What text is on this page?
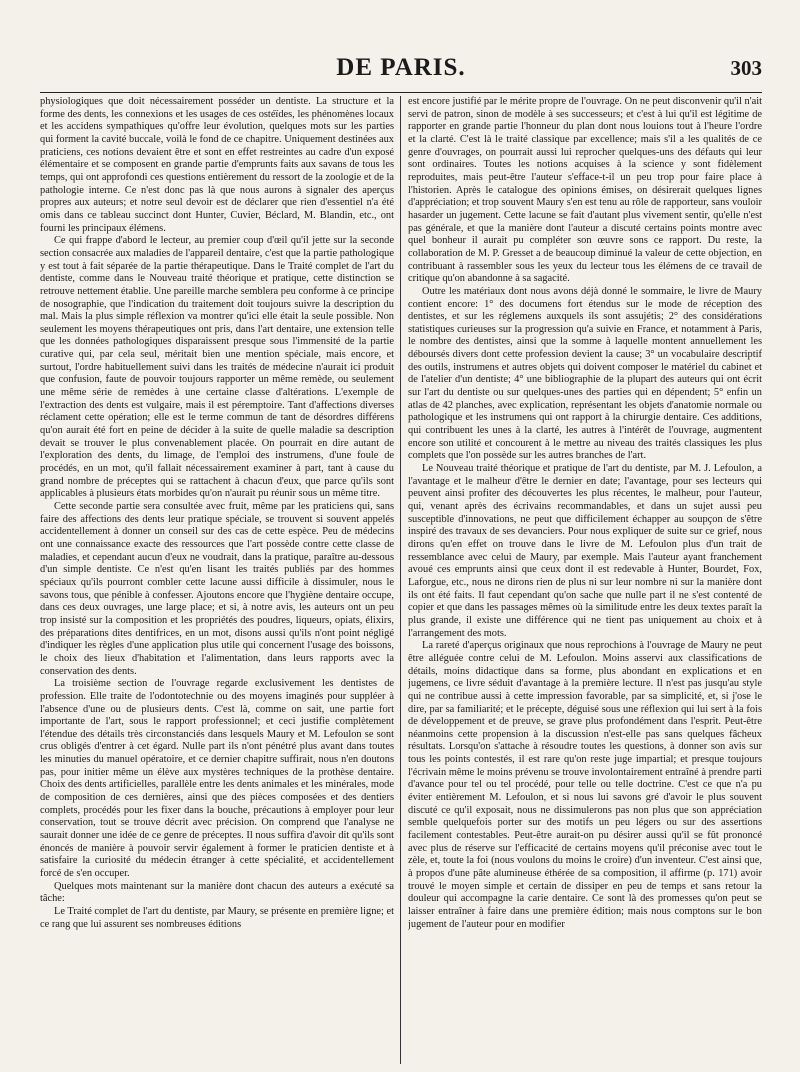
DE PARIS.	303

physiologiques que doit nécessairement posséder un dentiste. La structure et la forme des dents, les connexions et les usages de ces ostéïdes, les phénomènes locaux et les accidens sympathiques qu'offre leur évolution, quelques mots sur les parties qui forment la cavité buccale, voilà le fond de ce chapitre. Uniquement destinées aux praticiens, ces notions devaient être et sont en effet restreintes au cadre d'un exposé élémentaire et se composent en grande partie d'emprunts faits aux savans de tous les temps, qui ont approfondi ces questions entièrement du ressort de la zoologie et de la pathologie interne. Ce n'est donc pas là que nous aurons à signaler des aperçus propres aux auteurs; et notre seul devoir est de déclarer que rien d'essentiel n'a été omis dans ce tableau succinct dont Hunter, Cuvier, Béclard, M. Blandin, etc., ont fourni les principaux élémens.

Ce qui frappe d'abord le lecteur, au premier coup d'œil qu'il jette sur la seconde section consacrée aux maladies de l'appareil dentaire, c'est que la partie pathologique y est tout à fait séparée de la partie thérapeutique. Dans le Traité complet de l'art du dentiste, comme dans le Nouveau traité théorique et pratique, cette distinction se retrouve nettement établie. Une pareille marche semblera peu conforme à ce principe de nosographie, que l'indication du traitement doit toujours suivre la description du mal. Mais la plus simple réflexion va montrer qu'ici elle était la seule possible. Non seulement les moyens thérapeutiques ont pris, dans l'art dentaire, une extension telle que les données pathologiques disparaissent presque sous l'immensité de la partie curative qui, par cela seul, méritait bien une mention spéciale, mais encore, et surtout, l'ordre habituellement suivi dans les traités de médecine n'aurait ici produit que confusion, faute de pouvoir toujours rapporter un même remède, ou seulement une même série de remèdes à une certaine classe d'altérations. L'exemple de l'extraction des dents est vulgaire, mais il est péremptoire. Tant d'affections diverses réclament cette opération; elle est le terme commun de tant de désordres différens qu'on aurait été fort en peine de décider à la suite de quelle maladie sa description devait se trouver le plus convenablement placée. On pourrait en dire autant de l'exploration des dents, du limage, de l'emploi des instrumens, d'une foule de procédés, en un mot, qu'il fallait nécessairement examiner à part, tant à cause du grand nombre de préceptes qui se rattachent à chacun d'eux, que parce qu'ils sont applicables à plusieurs états morbides qu'on n'aurait pu réunir sous un même titre.

Cette seconde partie sera consultée avec fruit, même par les praticiens qui, sans faire des affections des dents leur pratique spéciale, se trouvent si souvent appelés accidentellement à donner un conseil sur des cas de cette espèce. Peu de médecins ont une connaissance exacte des ressources que l'art possède contre cette classe de maladies, et cependant aucun d'eux ne voudrait, dans la pratique, paraître au-dessous d'un simple dentiste. Ce n'est qu'en lisant les traités publiés par des hommes spéciaux qu'ils pourront combler cette lacune aussi difficile à dissimuler, nous le savons tous, que pénible à confesser. Ajoutons encore que l'hygiène dentaire occupe, dans ces deux ouvrages, une large place; et si, à notre avis, les auteurs ont un peu trop insisté sur la composition et les propriétés des poudres, liqueurs, opiats, élixirs, des préparations dites dentifrices, en un mot, disons aussi qu'ils n'ont point négligé d'indiquer les règles d'une application plus utile qui concernent l'usage des boissons, le choix des lieux d'habitation et l'alimentation, dans leurs rapports avec la conservation des dents.

La troisième section de l'ouvrage regarde exclusivement les dentistes de profession. Elle traite de l'odontotechnie ou des moyens imaginés pour suppléer à l'absence d'une ou de plusieurs dents. C'est là, comme on sait, une partie fort importante de l'art, sous le rapport professionnel; et ceci justifie complètement l'étendue des détails très circonstanciés dans lesquels Maury et M. Lefoulon se sont crus obligés d'entrer à cet égard. Nulle part ils n'ont pénétré plus avant dans toutes les minuties du manuel opératoire, et ce dernier chapitre suffirait, nous n'en doutons pas, pour initier même un élève aux mystères techniques de la prothèse dentaire. Choix des dents artificielles, parallèle entre les dents animales et les minérales, mode de composition de ces dernières, ainsi que des pièces composées et des dentiers complets, procédés pour les fixer dans la bouche, précautions à employer pour leur conservation, tout se trouve décrit avec précision. On comprend que l'analyse ne saurait donner une idée de ce genre de préceptes. Il nous suffira d'avoir dit qu'ils sont énoncés de manière à pouvoir servir également à former le praticien dentiste et à satisfaire la curiosité du médecin étranger à cette spécialité, et accidentellement forcé de s'en occuper.

Quelques mots maintenant sur la manière dont chacun des auteurs a exécuté sa tâche:

Le Traité complet de l'art du dentiste, par Maury, se présente en première ligne; et ce rang que lui assurent ses nombreuses éditions

est encore justifié par le mérite propre de l'ouvrage. On ne peut disconvenir qu'il n'ait servi de patron, sinon de modèle à ses successeurs; et c'est à lui qu'il est légitime de rapporter en grande partie l'honneur du plan dont nous louions tout à l'heure l'ordre et la clarté. C'est là le traité classique par excellence; mais s'il a les qualités de ce genre d'ouvrages, on pourrait aussi lui reprocher quelques-uns des défauts qui leur sont ordinaires. Toutes les notions acquises à la science y sont fidèlement reproduites, mais peut-être l'auteur s'efface-t-il un peu trop pour faire place à l'historien. Après le catalogue des opinions émises, on désirerait quelques lignes d'appréciation; et trop souvent Maury s'en est tenu au rôle de rapporteur, sans vouloir hasarder un jugement. Cette lacune se fait d'autant plus vivement sentir, qu'elle n'est pas générale, et que la manière dont l'auteur a discuté certains points montre avec quel bonheur il aurait pu compléter son œuvre sons ce rapport. Du reste, la collaboration de M. P. Gresset a de beaucoup diminué la valeur de cette objection, en contribuant à rassembler sous les yeux du lecteur tous les élémens de ce travail de critique qu'on abandonne à sa sagacité.

Outre les matériaux dont nous avons déjà donné le sommaire, le livre de Maury contient encore: 1° des documens fort étendus sur le mode de réception des dentistes, et sur les réglemens auxquels ils sont assujétis; 2° des considérations statistiques curieuses sur la progression qu'a suivie en France, et notamment à Paris, le nombre des dentistes, ainsi que la somme à laquelle montent annuellement les déboursés divers dont cette profession devient la cause; 3° un vocabulaire descriptif des outils, instrumens et autres objets qui doivent composer le matériel du cabinet et de l'atelier d'un dentiste; 4° une bibliographie de la plupart des auteurs qui ont écrit sur l'art du dentiste ou sur quelques-unes des parties qui en dépendent; 5° enfin un atlas de 42 planches, avec explication, représentant les objets d'anatomie normale ou pathologique et les instrumens qui ont rapport à la chirurgie dentaire. Ces additions, qui contribuent les unes à la clarté, les autres à l'intérêt de l'ouvrage, augmentent encore son utilité et concourent à le mettre au niveau des traités classiques les plus complets que l'on possède sur les autres branches de l'art.

Le Nouveau traité théorique et pratique de l'art du dentiste, par M. J. Lefoulon, a l'avantage et le malheur d'être le dernier en date; l'avantage, pour ses lecteurs qui peuvent ainsi profiter des découvertes les plus récentes, le malheur, pour l'auteur, qui, venant après des écrivains recommandables, et dans un sujet aussi peu susceptible d'innovations, ne peut que difficilement échapper au soupçon de s'être inspiré des travaux de ses devanciers. Pour nous expliquer de suite sur ce grief, nous dirons qu'en effet on trouve dans le livre de M. Lefoulon plus d'un trait de ressemblance avec celui de Maury, par exemple. Mais l'auteur ayant franchement avoué ces emprunts ainsi que ceux dont il est redevable à Hunter, Bourdet, Fox, Laforgue, etc., nous ne dirons rien de plus ni sur leur nombre ni sur la manière dont ils ont été faits. Il faut cependant qu'on sache que nulle part il ne s'est contenté de copier et que dans les passages mêmes où la similitude entre les deux textes paraît la plus grande, il existe une différence qui ne tient pas uniquement au choix et à l'arrangement des mots.

La rareté d'aperçus originaux que nous reprochions à l'ouvrage de Maury ne peut être alléguée contre celui de M. Lefoulon. Moins asservi aux classifications de détails, moins didactique dans sa forme, plus abondant en explications et en jugemens, ce livre séduit d'avantage à la première lecture. Il n'est pas jusqu'au style qui ne contribue aussi à cette impression favorable, par sa simplicité, et, si j'ose le dire, par sa familiarité; et le précepte, déguisé sous une réflexion qui lui sert à la fois de développement et de preuve, se grave plus profondément dans l'esprit. Peut-être néanmoins cette propension à la discussion n'est-elle pas sans quelques fâcheux résultats. Lorsqu'on s'attache à résoudre toutes les questions, à donner son avis sur tous les points contestés, il est rare qu'on reste juge impartial; et presque toujours l'écrivain même le moins prévenu se trouve involontairement entraîné à prendre parti d'avance pour tel ou tel procédé, pour telle ou telle doctrine. C'est ce que n'a pu éviter entièrement M. Lefoulon, et si nous lui savons gré d'avoir le plus souvent discuté ce qu'il exposait, nous ne dissimulerons pas non plus que son appréciation semble quelquefois porter sur des motifs un peu légers ou sur des assertions facilement contestables. Peut-être aurait-on pu désirer aussi qu'il se fût prononcé avec plus de réserve sur l'efficacité de certains moyens qu'il préconise avec tout le zèle, et, toute la foi (nous voulons du moins le croire) d'un inventeur. C'est ainsi que, à propos d'une pâte alumineuse éthérée de sa composition, il affirme (p. 171) avoir trouvé le moyen simple et certain de dissiper en peu de temps et sans retour la douleur qui accompagne la carie dentaire. Ce sont là des promesses qu'on peut se laisser entraîner à faire dans une première édition; mais nous comptons sur le bon jugement de l'auteur pour en modifier
